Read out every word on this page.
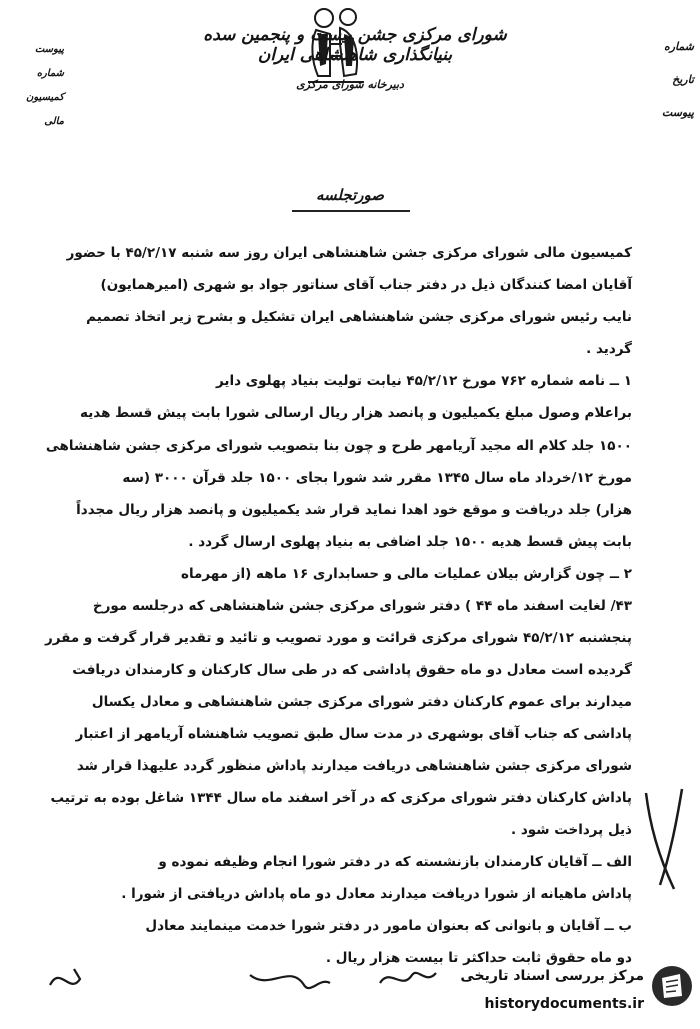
شورای مرکزی جشن بیست و پنجمین سده بنیانگذاری شاهنشاهی ایران
دبیرخانه شورای مرکزی
پیوست شماره
کمیسیون
مالی
شماره
تاریخ
پیوست
صورتجلسه
کمیسیون مالی شورای مرکزی جشن شاهنشاهی ایران روز سه شنبه ۴۵/۲/۱۷ با حضور
آقایان امضا کنندگان ذیل در دفتر جناب آقای سناتور جواد بو شهری (امیرهمایون)
نایب رئیس شورای مرکزی جشن شاهنشاهی ایران تشکیل و بشرح زیر اتخاذ تصمیم
گردید .
۱ ــ نامه شماره ۷۶۲ مورخ ۴۵/۲/۱۲ نیابت تولیت بنیاد پهلوی دایر
براعلام وصول مبلغ یکمیلیون و پانصد هزار ریال ارسالی شورا بابت پیش قسط هدیه
۱۵۰۰ جلد کلام اله مجید آریامهر طرح و چون بنا بتصویب شورای مرکزی جشن شاهنشاهی
مورخ ۱۲/خرداد ماه سال ۱۳۴۵ مقرر شد شورا بجای ۱۵۰۰ جلد قرآن ۳۰۰۰ (سه
هزار) جلد دریافت و موقع خود اهدا نماید قرار شد یکمیلیون و پانصد هزار ریال مجدداً
بابت پیش قسط هدیه ۱۵۰۰ جلد اضافی به بنیاد پهلوی ارسال گردد .
۲ ــ چون گزارش بیلان عملیات مالی و حسابداری ۱۶ ماهه (از مهرماه
۴۳/ لغایت اسفند ماه ۴۴ ) دفتر شورای مرکزی جشن شاهنشاهی که درجلسه مورخ
پنجشنبه ۴۵/۲/۱۲ شورای مرکزی قرائت و مورد تصویب و تائید و تقدیر قرار گرفت و مقرر
گردیده است معادل دو ماه حقوق پاداشی که در طی سال کارکنان و کارمندان دریافت
میدارند برای عموم کارکنان دفتر شورای مرکزی جشن شاهنشاهی و معادل یکسال
پاداشی که جناب آقای بوشهری در مدت سال طبق تصویب شاهنشاه آریامهر از اعتبار
شورای مرکزی جشن شاهنشاهی دریافت میدارند پاداش منظور گردد علیهذا قرار شد
پاداش کارکنان دفتر شورای مرکزی که در آخر اسفند ماه سال ۱۳۴۴ شاغل بوده به ترتیب
ذیل پرداخت شود .
الف ــ آقایان کارمندان بازنشسته که در دفتر شورا انجام وظیفه نموده و
پاداش ماهیانه از شورا دریافت میدارند معادل دو ماه پاداش دریافتی از شورا .
ب ــ آقایان و بانوانی که بعنوان مامور در دفتر شورا خدمت مینمایند معادل
دو ماه حقوق ثابت حداکثر تا بیست هزار ریال .
مرکز بررسی اسناد تاریخی
historydocuments.ir
